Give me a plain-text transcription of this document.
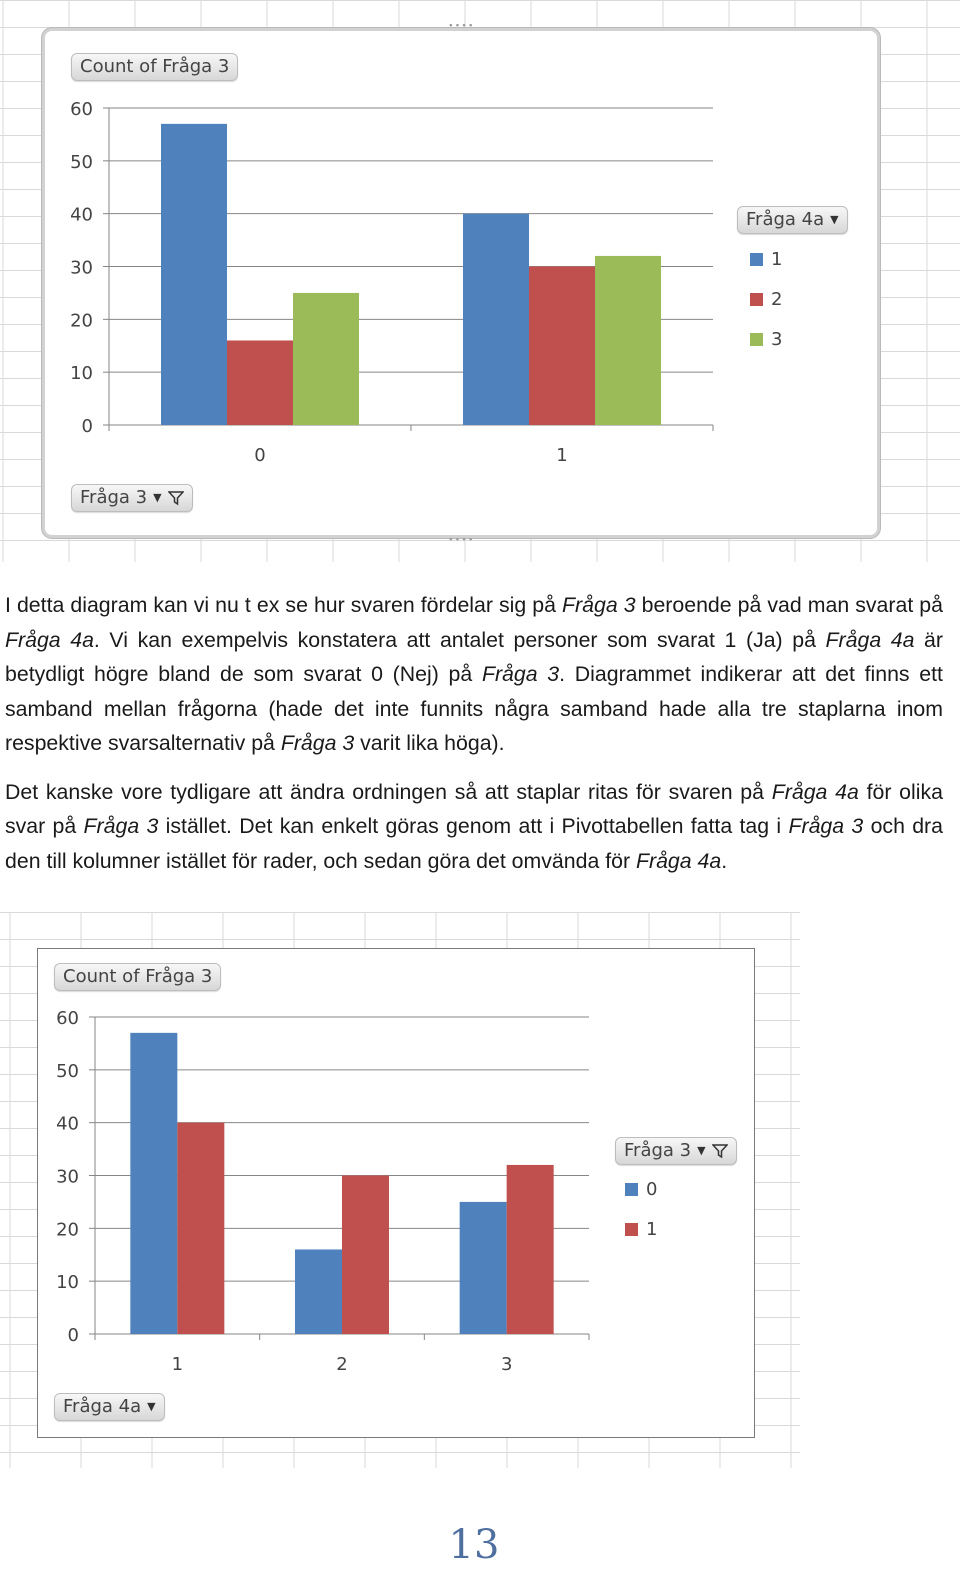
∙∙∙∙
∙∙∙∙
0
10
20
30
40
50
60
0	1
Count of Fråga 3
Fråga 4a ▼
1
2
3
Fråga 3 ▼

I detta diagram kan vi nu t ex se hur svaren fördelar sig på Fråga 3 beroende på vad man svarat på Fråga 4a. Vi kan exempelvis konstatera att antalet personer som svarat 1 (Ja) på Fråga 4a är betydligt högre bland de som svarat 0 (Nej) på Fråga 3. Diagrammet indikerar att det finns ett samband mellan frågorna (hade det inte funnits några samband hade alla tre staplarna inom respektive svarsalternativ på Fråga 3 varit lika höga).

Det kanske vore tydligare att ändra ordningen så att staplar ritas för svaren på Fråga 4a för olika svar på Fråga 3 istället. Det kan enkelt göras genom att i Pivottabellen fatta tag i Fråga 3 och dra den till kolumner istället för rader, och sedan göra det omvända för Fråga 4a.

0
10
20
30
40
50
60
1	2	3
Count of Fråga 3
Fråga 3 ▼
0
1
Fråga 4a ▼
13
